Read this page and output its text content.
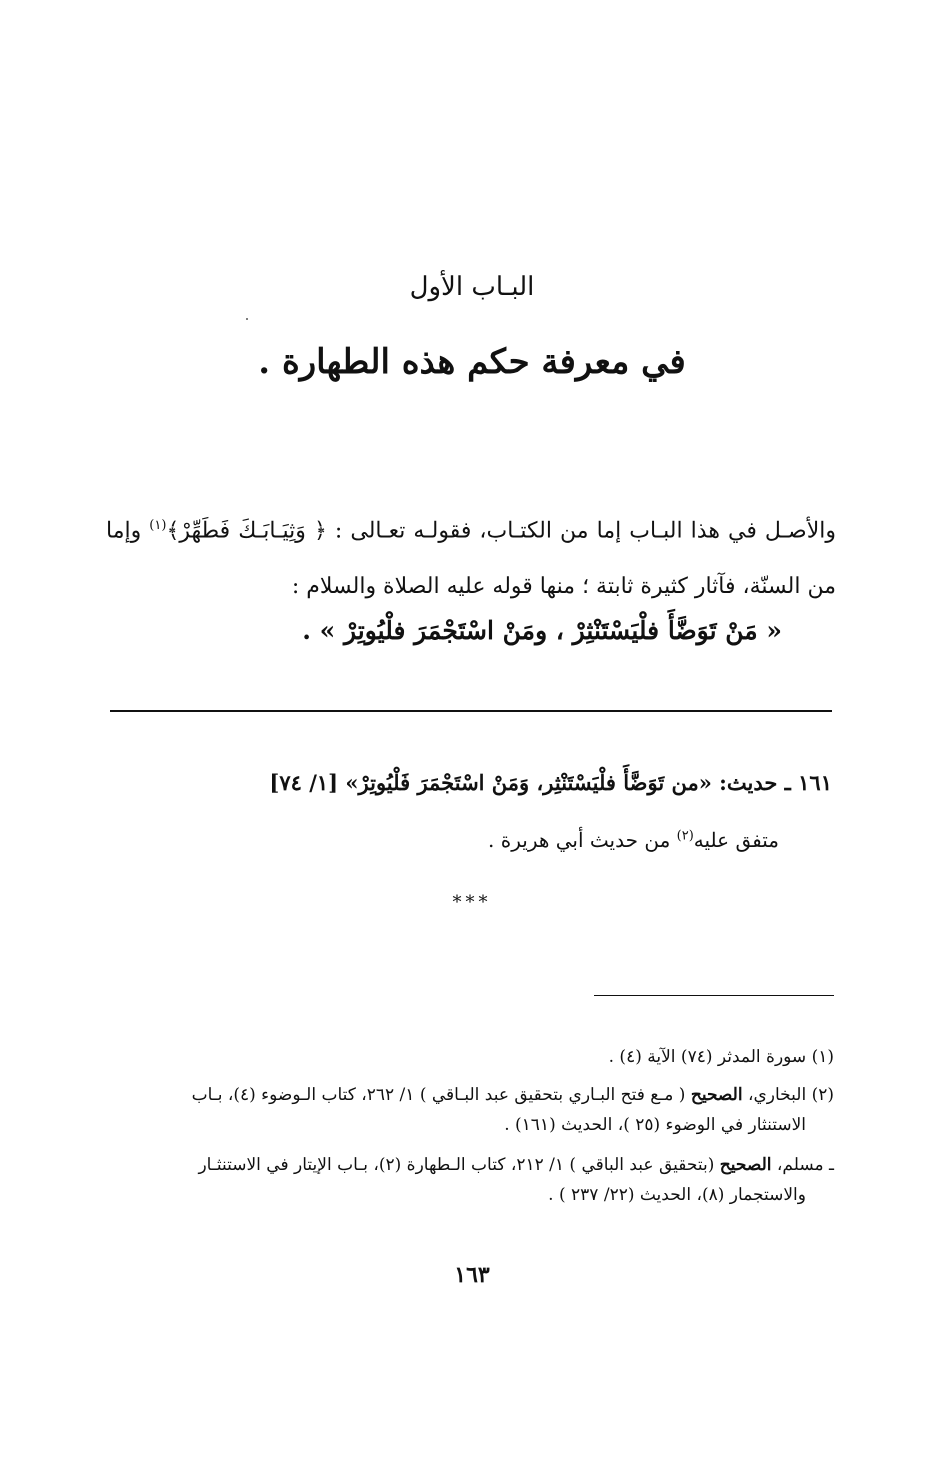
البـاب الأول
في معرفة حكم هذه الطهارة .
والأصـل في هذا البـاب إما من الكتـاب، فقولـه تعـالى : ﴿ وَثِيَـابَـكَ فَطَهِّرْ﴾$^{(١)}$ وإما من السنّة، فآثار كثيرة ثابتة ؛ منها قوله عليه الصلاة والسلام :
« مَنْ تَوَضَّأَ فلْيَسْتَنْثِرْ ، ومَنْ اسْتَجْمَرَ فلْيُوتِرْ » .
١٦١ ـ حديث: «من تَوَضَّأَ فلْيَسْتَنْثِر، وَمَنْ اسْتَجْمَرَ فَلْيُوتِرْ» [١/ ٧٤]
متفق عليه$^{(٢)}$ من حديث أبي هريرة .
***
(١) سورة المدثر (٧٤) الآية (٤) .
(٢) البخاري، الصحيح ( مـع فتح البـاري بتحقيق عبد البـاقي ) ١/ ٢٦٢، كتاب الـوضوء (٤)، بـاب
الاستنثار في الوضوء (٢٥ )، الحديث (١٦١) .
ـ مسلم، الصحيح (بتحقيق عبد الباقي ) ١/ ٢١٢، كتاب الـطهارة (٢)، بـاب الإيتار في الاستنثـار
والاستجمار (٨)، الحديث (٢٢/ ٢٣٧ ) .
١٦٣
